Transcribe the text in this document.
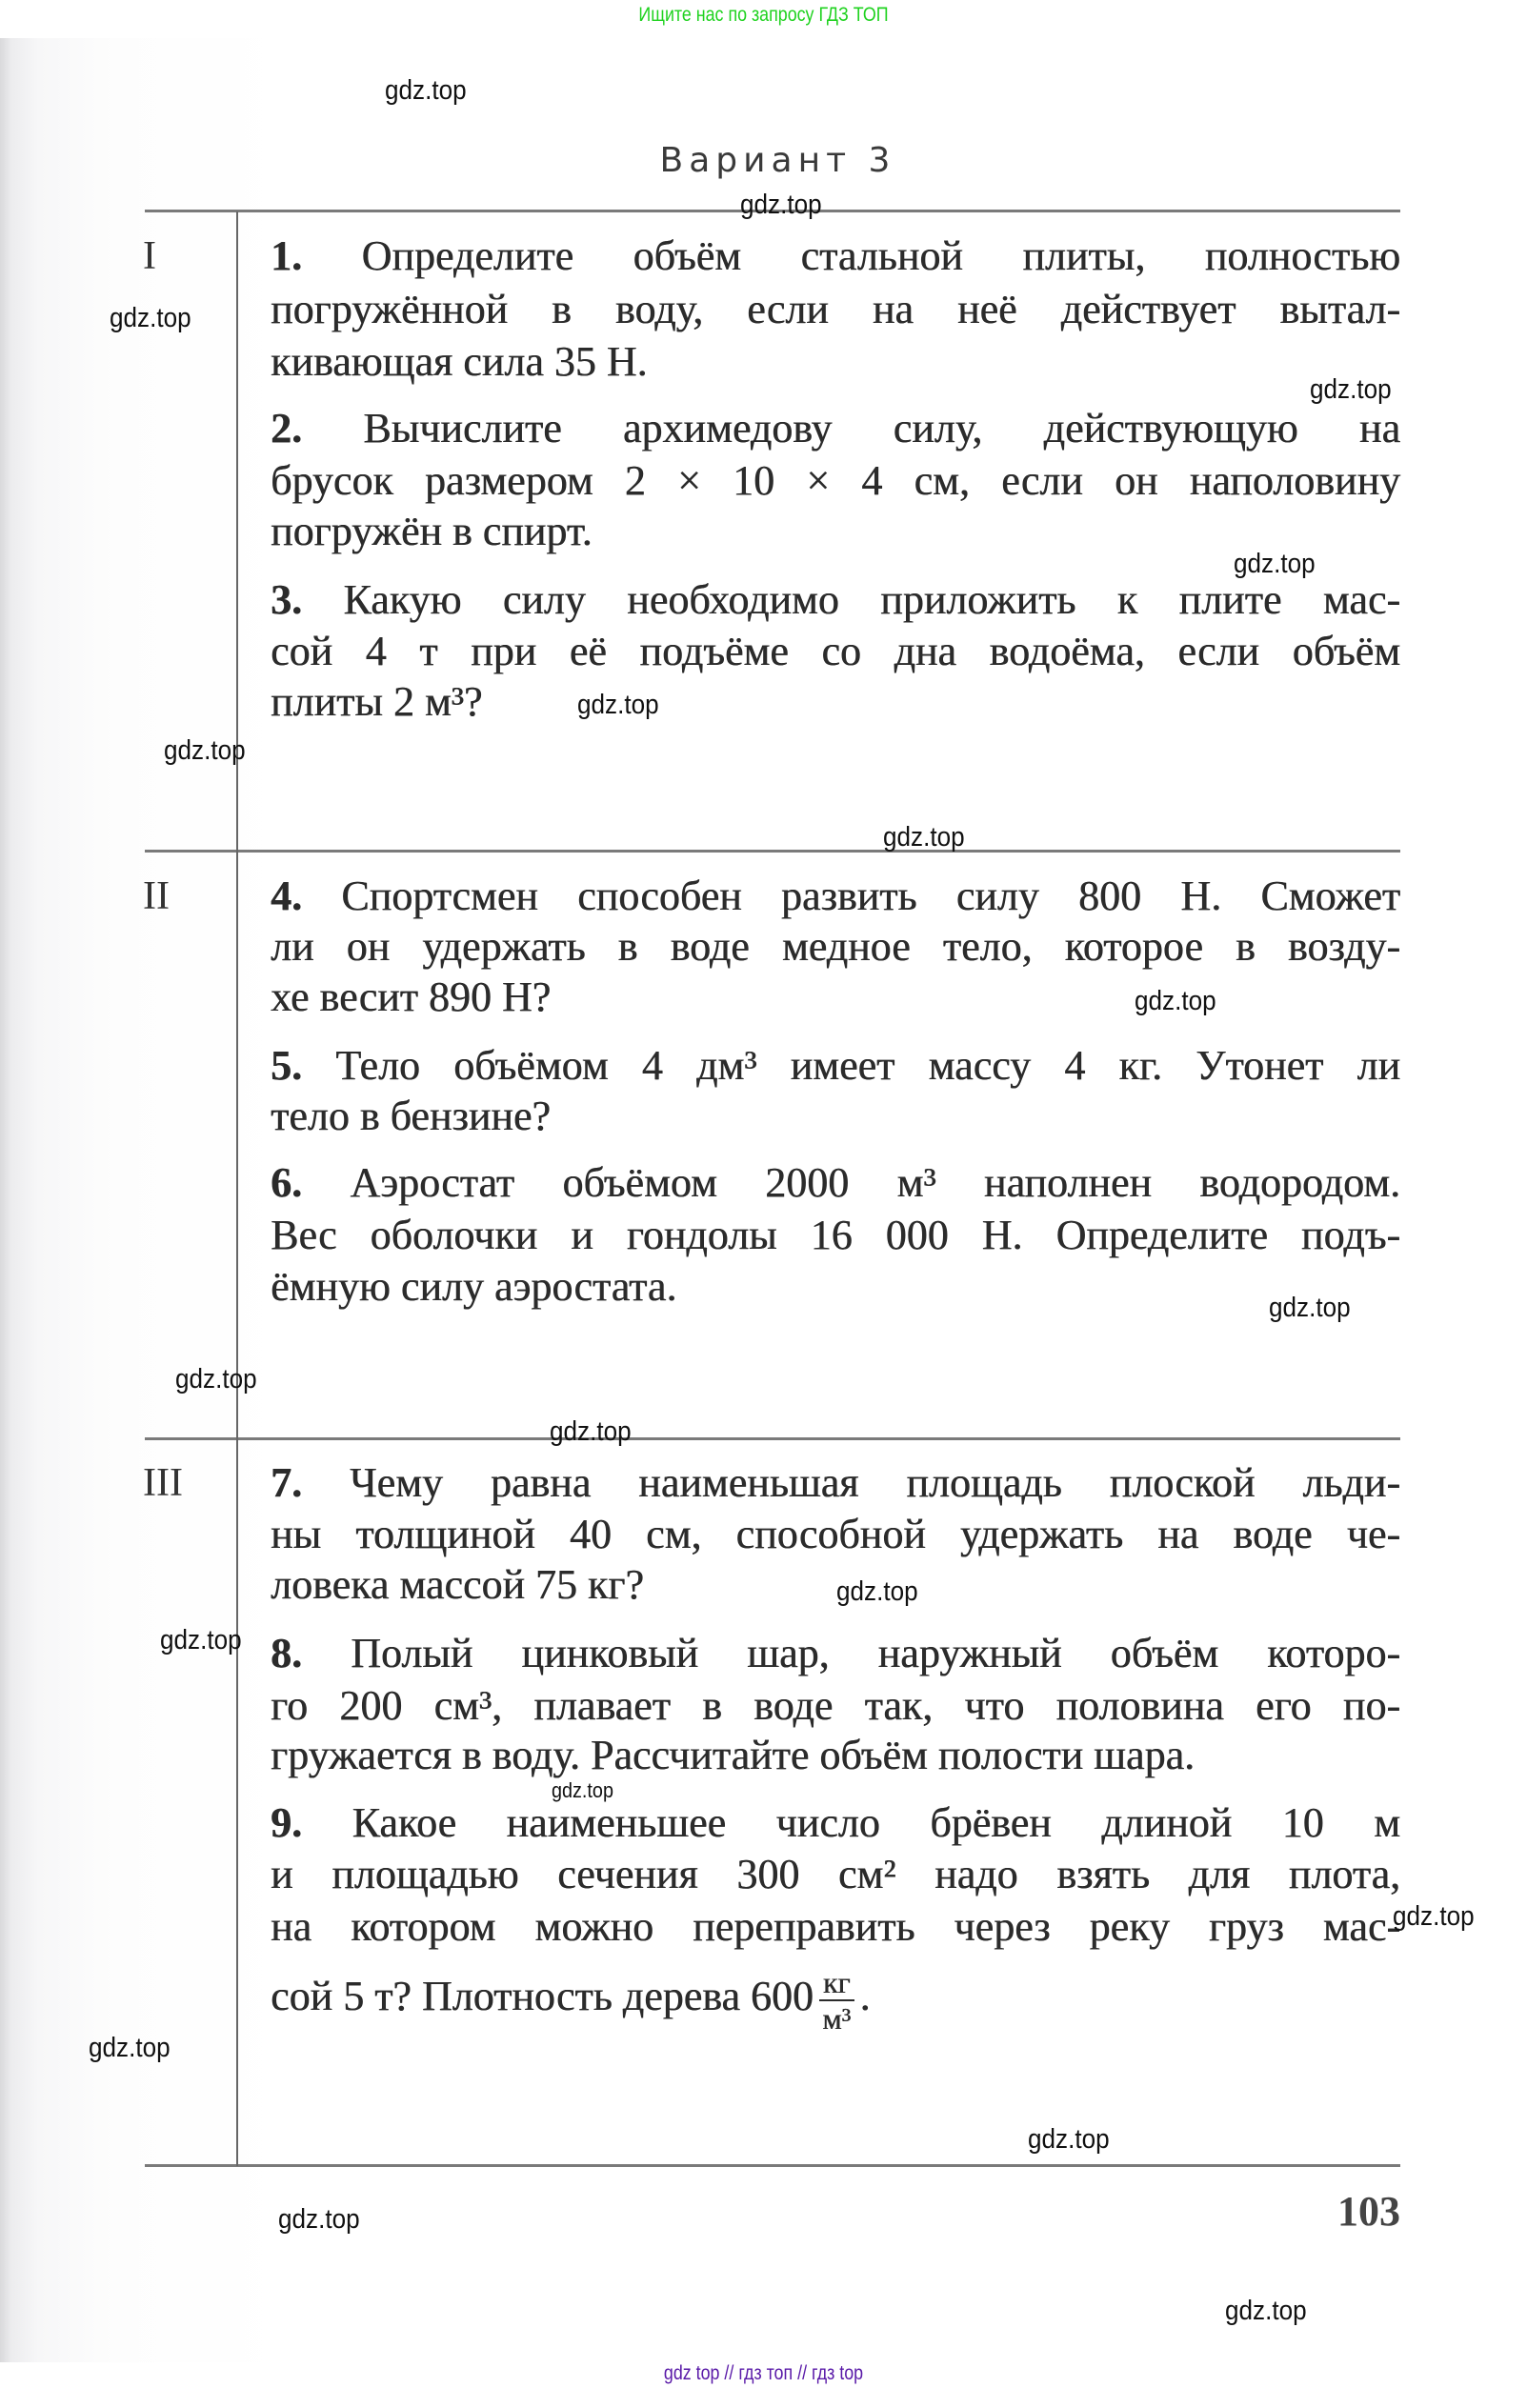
Ищите нас по запросу ГДЗ ТОП
Вариант 3
I	1. Определите объём стальной плиты, полностью
погружённой в воду, если на неё действует вытал-
кивающая сила 35 Н.
2. Вычислите архимедову силу, действующую на
брусок размером 2 × 10 × 4 см, если он наполовину
погружён в спирт.
3. Какую силу необходимо приложить к плите мас-
сой 4 т при её подъёме со дна водоёма, если объём
плиты 2 м³?
II 4. Спортсмен способен развить силу 800 Н. Сможет
ли он удержать в воде медное тело, которое в возду-
хе весит 890 Н?
5. Тело объёмом 4 дм³ имеет массу 4 кг. Утонет ли
тело в бензине?
6. Аэростат объёмом 2000 м³ наполнен водородом.
Вес оболочки и гондолы 16 000 Н. Определите подъ-
ёмную силу аэростата.
III 7. Чему равна наименьшая площадь плоской льди-
ны толщиной 40 см, способной удержать на воде че-
ловека массой 75 кг?
8. Полый цинковый шар, наружный объём которо-
го 200 см³, плавает в воде так, что половина его по-
гружается в воду. Рассчитайте объём полости шара.
9. Какое наименьшее число брёвен длиной 10 м
и площадью сечения 300 см² надо взять для плота,
на котором можно переправить через реку груз мас-
сой 5 т? Плотность дерева $600 \frac{кг}{\text{м³}}$ .
103
gdz.top
gdz.top
gdz.top
gdz.top
gdz.top
gdz.top
gdz.top
gdz.top
gdz.top
gdz.top
gdz.top
gdz.top
gdz.top
gdz.top
gdz.top
gdz.top
gdz.top
gdz.top
gdz.top
gdz.top
gdz top // гдз топ // гдз top
